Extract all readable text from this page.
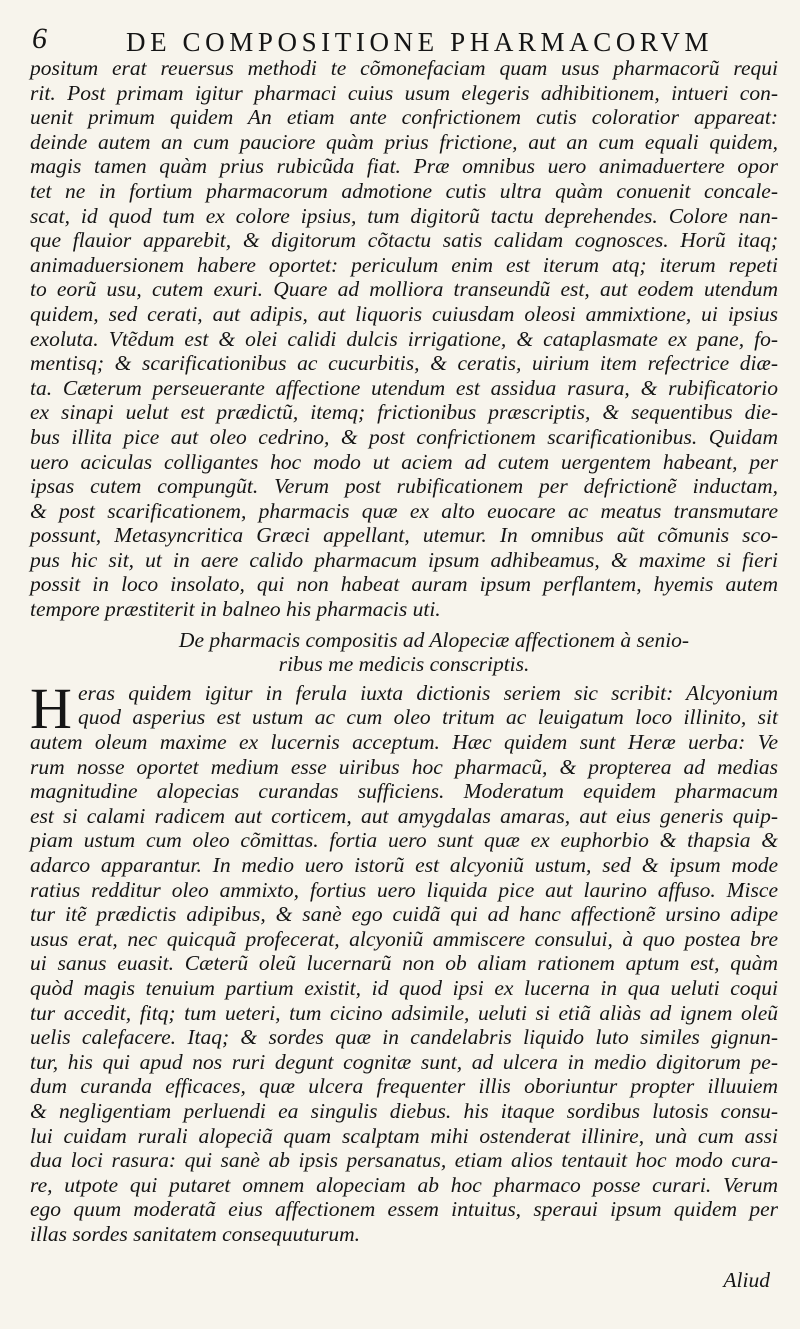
6	DE COMPOSITIONE PHARMACORVM
positum erat reuersus methodi te cõmonefaciam quam usus pharmacorũ requi
rit. Post primam igitur pharmaci cuius usum elegeris adhibitionem, intueri con-
uenit primum quidem An etiam ante confrictionem cutis coloratior appareat:
deinde autem an cum pauciore quàm prius frictione, aut an cum equali quidem,
magis tamen quàm prius rubicũda fiat. Præ omnibus uero animaduertere opor
tet ne in fortium pharmacorum admotione cutis ultra quàm conuenit concale-
scat, id quod tum ex colore ipsius, tum digitorũ tactu deprehendes. Colore nan-
que flauior apparebit, & digitorum cõtactu satis calidam cognosces. Horũ itaq;
animaduersionem habere oportet: periculum enim est iterum atq; iterum repeti
to eorũ usu, cutem exuri. Quare ad molliora transeundũ est, aut eodem utendum
quidem, sed cerati, aut adipis, aut liquoris cuiusdam oleosi ammixtione, ui ipsius
exoluta. Vtẽdum est & olei calidi dulcis irrigatione, & cataplasmate ex pane, fo-
mentisq; & scarificationibus ac cucurbitis, & ceratis, uirium item refectrice diæ-
ta. Cæterum perseuerante affectione utendum est assidua rasura, & rubificatorio
ex sinapi uelut est prædictũ, itemq; frictionibus præscriptis, & sequentibus die-
bus illita pice aut oleo cedrino, & post confrictionem scarificationibus. Quidam
uero aciculas colligantes hoc modo ut aciem ad cutem uergentem habeant, per
ipsas cutem compungũt. Verum post rubificationem per defrictionẽ inductam,
& post scarificationem, pharmacis quæ ex alto euocare ac meatus transmutare
possunt, Metasyncritica Græci appellant, utemur. In omnibus aũt cõmunis sco-
pus hic sit, ut in aere calido pharmacum ipsum adhibeamus, & maxime si fieri
possit in loco insolato, qui non habeat auram ipsum perflantem, hyemis autem
tempore præstiterit in balneo his pharmacis uti.
De pharmacis compositis ad Alopeciæ affectionem à senio-
ribus me medicis conscriptis.
H eras quidem igitur in ferula iuxta dictionis seriem sic scribit: Alcyonium
quod asperius est ustum ac cum oleo tritum ac leuigatum loco illinito, sit
autem oleum maxime ex lucernis acceptum. Hæc quidem sunt Heræ uerba: Ve
rum nosse oportet medium esse uiribus hoc pharmacũ, & propterea ad medias
magnitudine alopecias curandas sufficiens. Moderatum equidem pharmacum
est si calami radicem aut corticem, aut amygdalas amaras, aut eius generis quip-
piam ustum cum oleo cõmittas. fortia uero sunt quæ ex euphorbio & thapsia &
adarco apparantur. In medio uero istorũ est alcyoniũ ustum, sed & ipsum mode
ratius redditur oleo ammixto, fortius uero liquida pice aut laurino affuso. Misce
tur itẽ prædictis adipibus, & sanè ego cuidã qui ad hanc affectionẽ ursino adipe
usus erat, nec quicquã profecerat, alcyoniũ ammiscere consului, à quo postea bre
ui sanus euasit. Cæterũ oleũ lucernarũ non ob aliam rationem aptum est, quàm
quòd magis tenuium partium existit, id quod ipsi ex lucerna in qua ueluti coqui
tur accedit, fitq; tum ueteri, tum cicino adsimile, ueluti si etiã aliàs ad ignem oleũ
uelis calefacere. Itaq; & sordes quæ in candelabris liquido luto similes gignun-
tur, his qui apud nos ruri degunt cognitæ sunt, ad ulcera in medio digitorum pe-
dum curanda efficaces, quæ ulcera frequenter illis oboriuntur propter illuuiem
& negligentiam perluendi ea singulis diebus. his itaque sordibus lutosis consu-
lui cuidam rurali alopeciã quam scalptam mihi ostenderat illinire, unà cum assi
dua loci rasura: qui sanè ab ipsis persanatus, etiam alios tentauit hoc modo cura-
re, utpote qui putaret omnem alopeciam ab hoc pharmaco posse curari. Verum
ego quum moderatã eius affectionem essem intuitus, speraui ipsum quidem per
illas sordes sanitatem consequuturum.
Aliud
